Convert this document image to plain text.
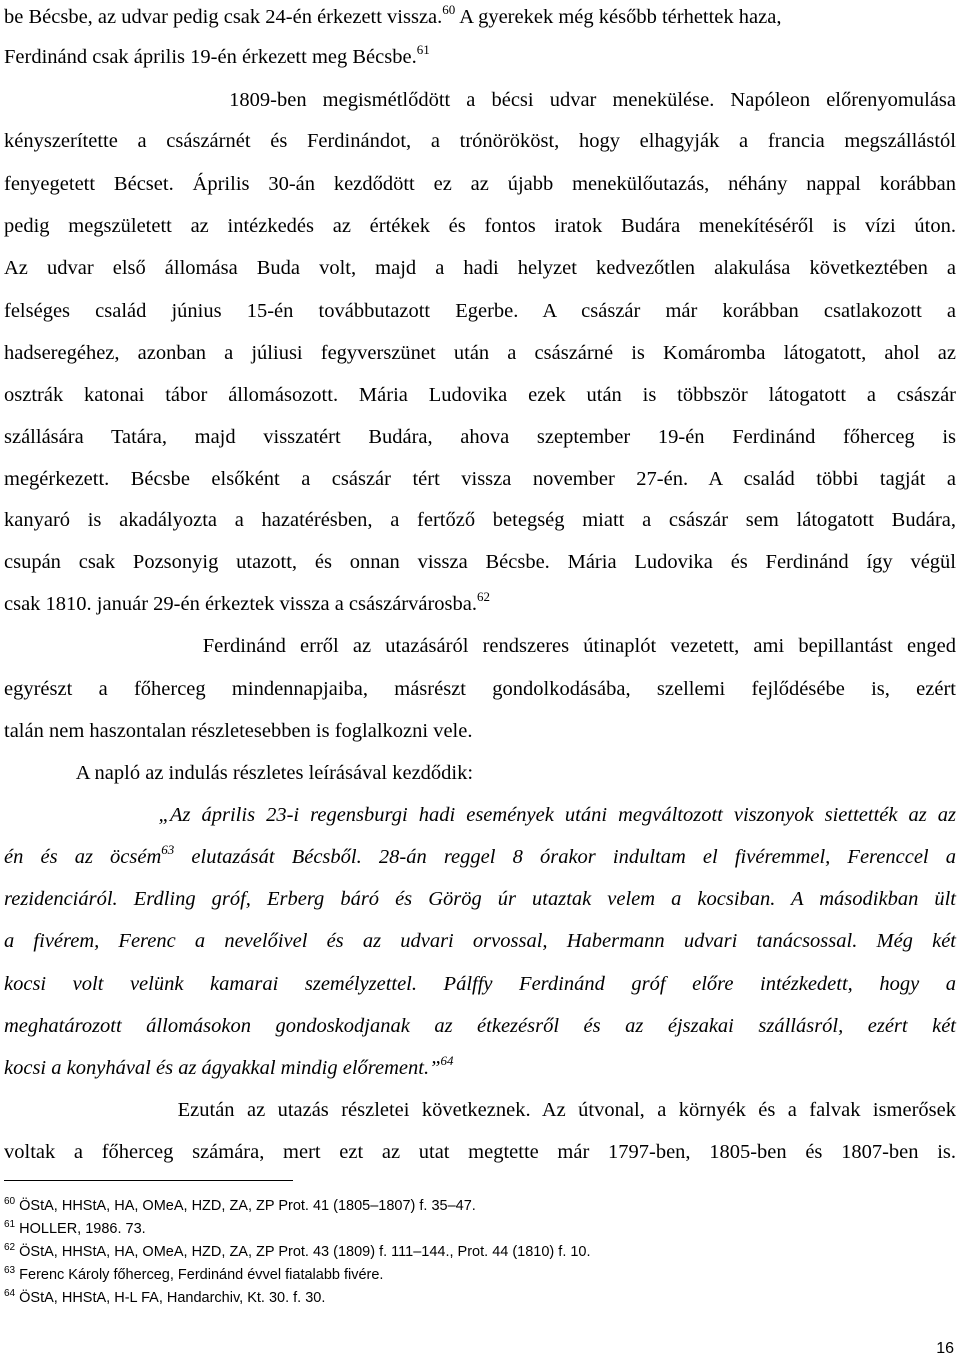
be Bécsbe, az udvar pedig csak 24-én érkezett vissza.$^{60}$ A gyerekek még később térhettek haza,
Ferdinánd csak április 19-én érkezett meg Bécsbe.$^{61}$
1809-ben megismétlődött a bécsi udvar menekülése. Napóleon előrenyomulása
kényszerítette a császárnét és Ferdinándot, a trónörököst, hogy elhagyják a francia megszállástól
fenyegetett Bécset. Április 30-án kezdődött ez az újabb menekülőutazás, néhány nappal korábban
pedig megszületett az intézkedés az értékek és fontos iratok Budára menekítéséről is vízi úton.
Az udvar első állomása Buda volt, majd a hadi helyzet kedvezőtlen alakulása következtében a
felséges család június 15-én továbbutazott Egerbe. A császár már korábban csatlakozott a
hadseregéhez, azonban a júliusi fegyverszünet után a császárné is Komáromba látogatott, ahol az
osztrák katonai tábor állomásozott. Mária Ludovika ezek után is többször látogatott a császár
szállására Tatára, majd visszatért Budára, ahova szeptember 19-én Ferdinánd főherceg is
megérkezett. Bécsbe elsőként a császár tért vissza november 27-én. A család többi tagját a
kanyaró is akadályozta a hazatérésben, a fertőző betegség miatt a császár sem látogatott Budára,
csupán csak Pozsonyig utazott, és onnan vissza Bécsbe. Mária Ludovika és Ferdinánd így végül
csak 1810. január 29-én érkeztek vissza a császárvárosba.$^{62}$
Ferdinánd erről az utazásáról rendszeres útinaplót vezetett, ami bepillantást enged
egyrészt a főherceg mindennapjaiba, másrészt gondolkodásába, szellemi fejlődésébe is, ezért
talán nem haszontalan részletesebben is foglalkozni vele.
A napló az indulás részletes leírásával kezdődik:
„Az április 23-i regensburgi hadi események utáni megváltozott viszonyok siettették az az
én és az öcsém$^{63}$ elutazását Bécsből. 28-án reggel 8 órakor indultam el fivéremmel, Ferenccel a
rezidenciáról. Erdling gróf, Erberg báró és Görög úr utaztak velem a kocsiban. A másodikban ült
a fivérem, Ferenc a nevelőivel és az udvari orvossal, Habermann udvari tanácsossal. Még két
kocsi volt velünk kamarai személyzettel. Pálffy Ferdinánd gróf előre intézkedett, hogy a
meghatározott állomásokon gondoskodjanak az étkezésről és az éjszakai szállásról, ezért két
kocsi a konyhával és az ágyakkal mindig előrement.”$^{64}$
Ezután az utazás részletei következnek. Az útvonal, a környék és a falvak ismerősek
voltak a főherceg számára, mert ezt az utat megtette már 1797-ben, 1805-ben és 1807-ben is.
$^{60}$ ÖStA, HHStA, HA, OMeA, HZD, ZA, ZP Prot. 41 (1805–1807) f. 35–47.
$^{61}$ HOLLER, 1986. 73.
$^{62}$ ÖStA, HHStA, HA, OMeA, HZD, ZA, ZP Prot. 43 (1809) f. 111–144., Prot. 44 (1810) f. 10.
$^{63}$ Ferenc Károly főherceg, Ferdinánd évvel fiatalabb fivére.
$^{64}$ ÖStA, HHStA, H-L FA, Handarchiv, Kt. 30. f. 30.
16
